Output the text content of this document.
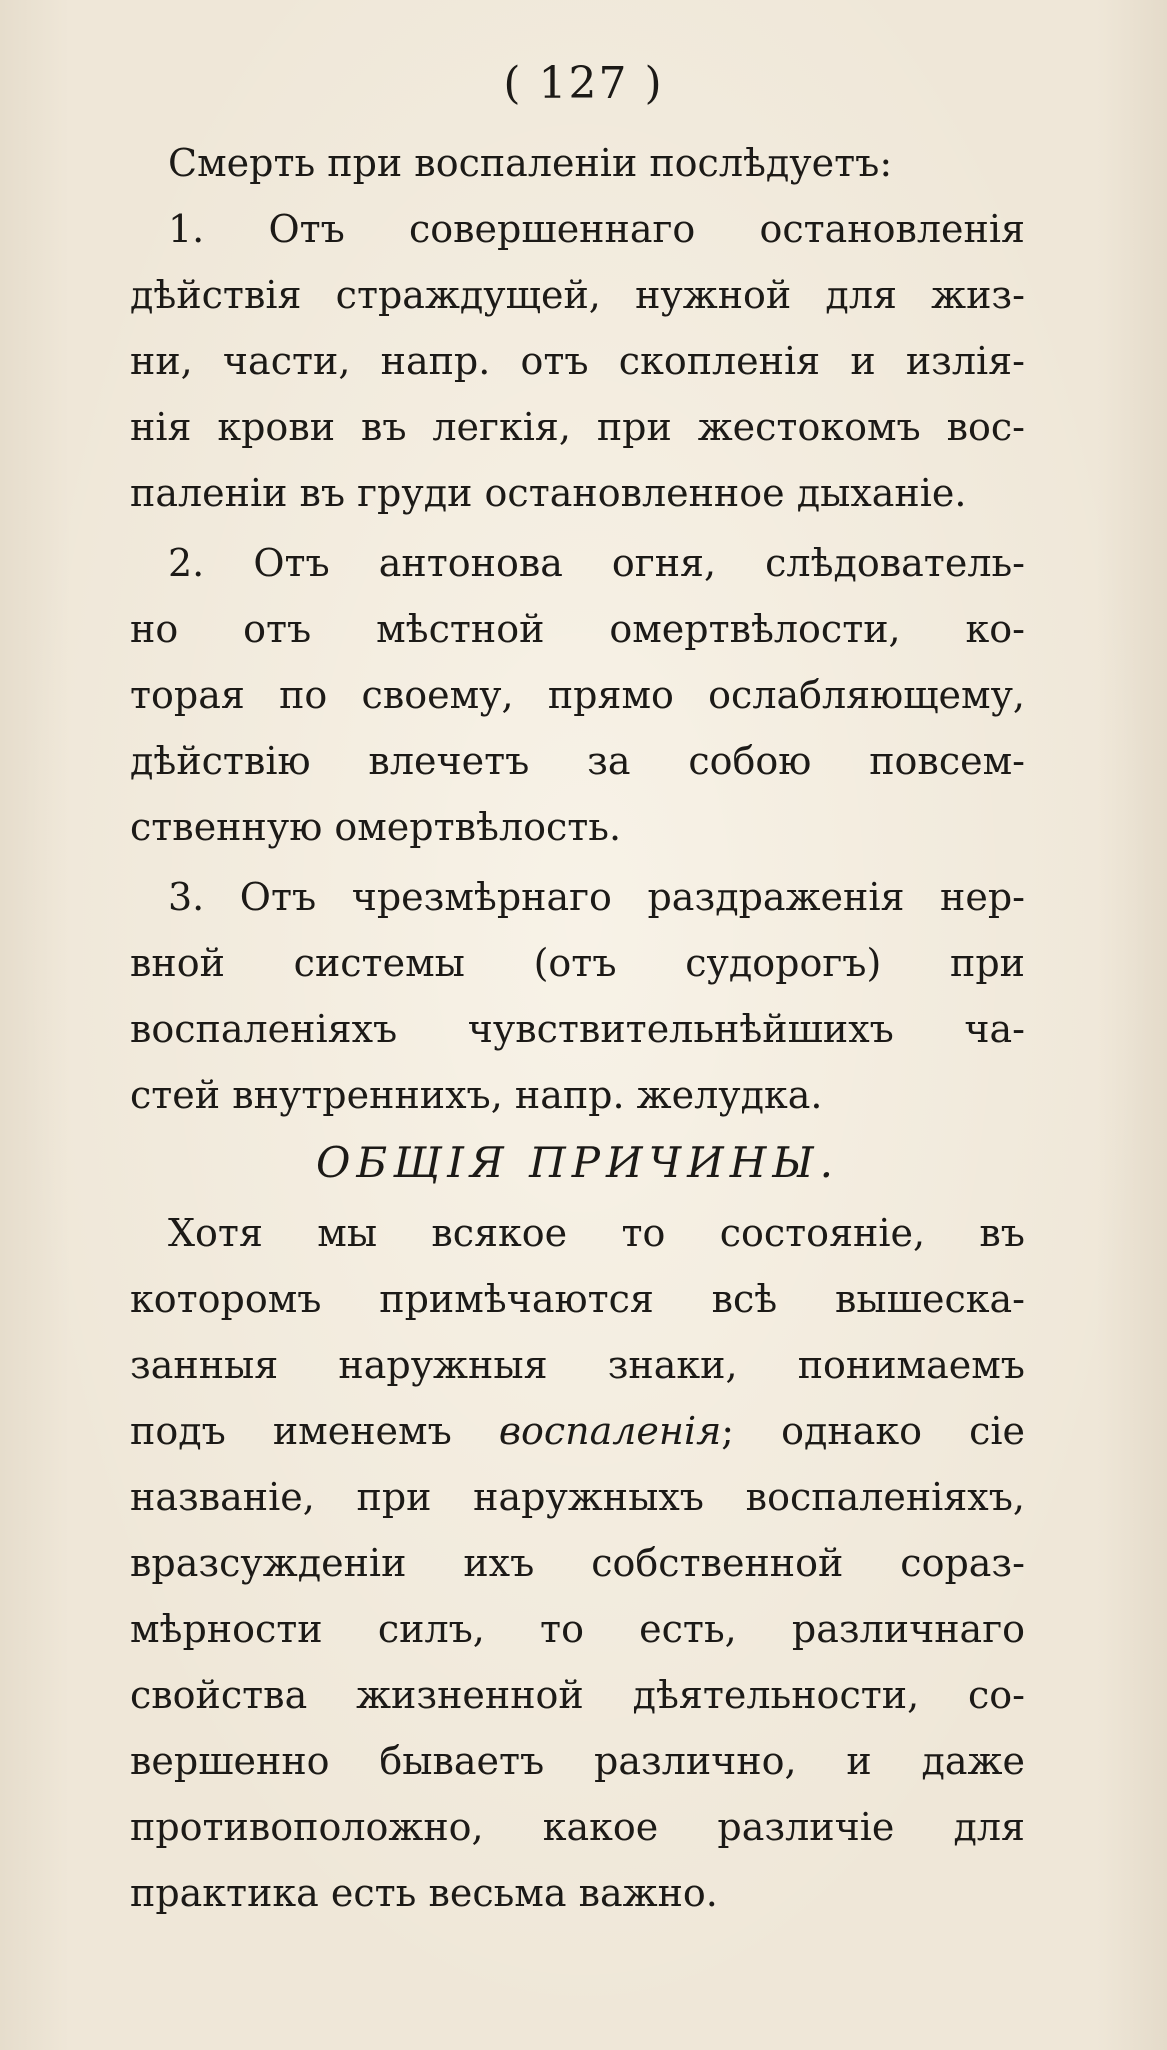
( 127 )
Смерть при воспаленіи послѣдуетъ:
1. Отъ совершеннаго остановленія
дѣйствія страждущей, нужной для жиз-
ни, части, напр. отъ скопленія и излія-
нія крови въ легкія, при жестокомъ вос-
паленіи въ груди остановленное дыханіе.
2. Отъ антонова огня, слѣдователь-
но отъ мѣстной омертвѣлости, ко-
торая по своему, прямо ослабляющему,
дѣйствію влечетъ за собою повсем-
ственную омертвѣлость.
3. Отъ чрезмѣрнаго раздраженія нер-
вной системы (отъ судорогъ) при
воспаленіяхъ чувствительнѣйшихъ ча-
стей внутреннихъ, напр. желудка.
ОБЩІЯ ПРИЧИНЫ.
Хотя мы всякое то состояніе, въ
которомъ примѣчаются всѣ вышеска-
занныя наружныя знаки, понимаемъ
подъ именемъ воспаленія; однако сіе
названіе, при наружныхъ воспаленіяхъ,
вразсужденіи ихъ собственной сораз-
мѣрности силъ, то есть, различнаго
свойства жизненной дѣятельности, со-
вершенно бываетъ различно, и даже
противоположно, какое различіе для
практика есть весьма важно.
